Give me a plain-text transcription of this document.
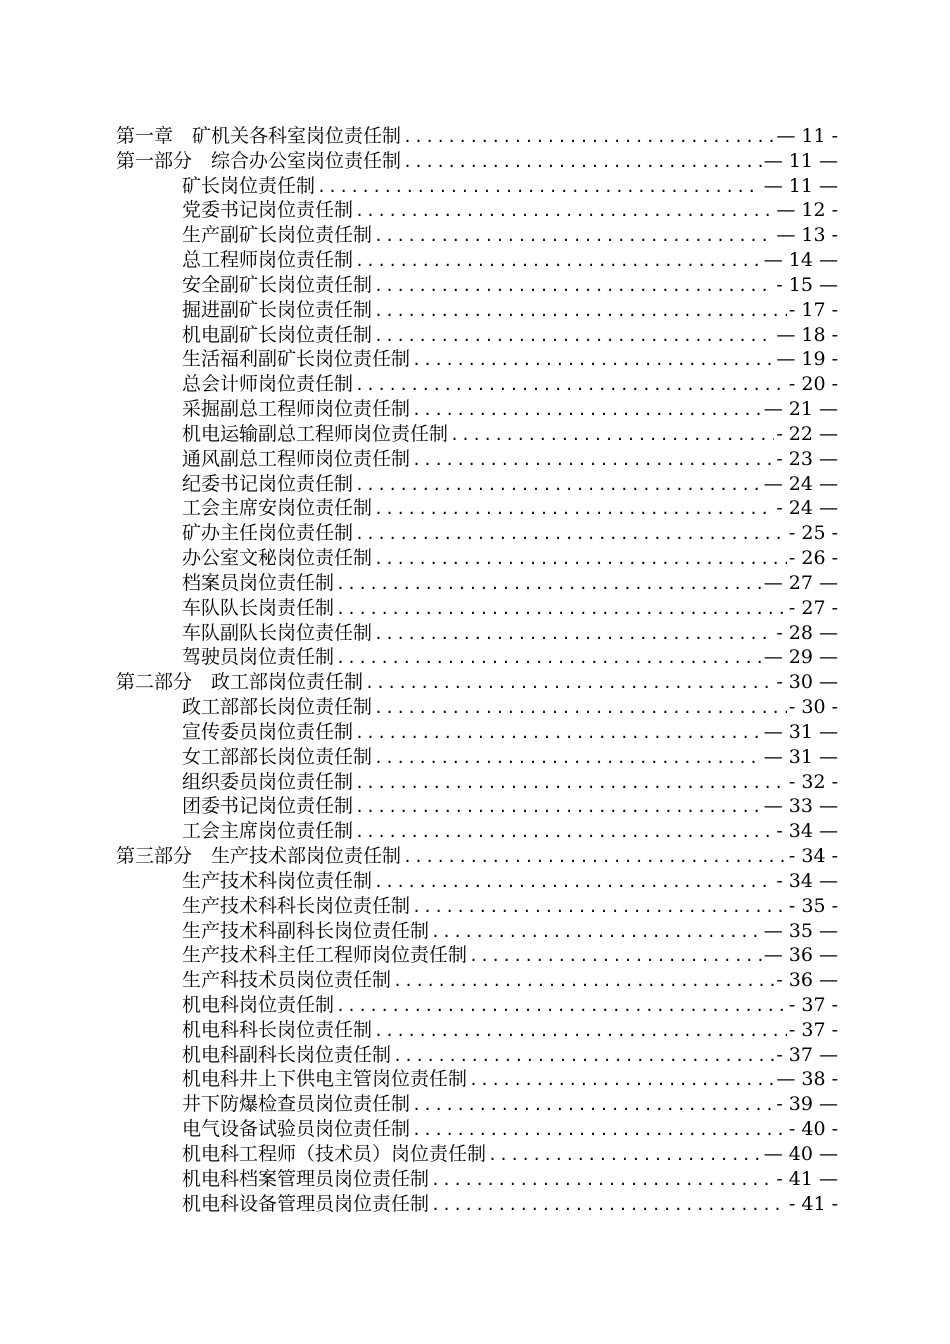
第一章　矿机关各科室岗位责任制 .....	— 11 -
第一部分　综合办公室岗位责任制 .....	— 11 —
矿长岗位责任制 .....	— 11 —
党委书记岗位责任制 .....	— 12 -
生产副矿长岗位责任制 .....	— 13 -
总工程师岗位责任制 .....	— 14 —
安全副矿长岗位责任制 .....	- 15 —
掘进副矿长岗位责任制 .....	- 17 -
机电副矿长岗位责任制 .....	— 18 -
生活福利副矿长岗位责任制 .....	— 19 -
总会计师岗位责任制 .....	- 20 -
采掘副总工程师岗位责任制 .....	— 21 —
机电运输副总工程师岗位责任制 .....	- 22 —
通风副总工程师岗位责任制 .....	- 23 —
纪委书记岗位责任制 .....	— 24 —
工会主席安岗位责任制 .....	- 24 —
矿办主任岗位责任制 .....	- 25 -
办公室文秘岗位责任制 .....	- 26 -
档案员岗位责任制 .....	— 27 —
车队队长岗责任制 .....	- 27 -
车队副队长岗位责任制 .....	- 28 —
驾驶员岗位责任制 .....	— 29 —
第二部分　政工部岗位责任制 .....	- 30 —
政工部部长岗位责任制 .....	- 30 -
宣传委员岗位责任制 .....	— 31 —
女工部部长岗位责任制 .....	— 31 —
组织委员岗位责任制 .....	- 32 -
团委书记岗位责任制 .....	— 33 —
工会主席岗位责任制 .....	- 34 —
第三部分　生产技术部岗位责任制 .....	- 34 -
生产技术科岗位责任制 .....	- 34 —
生产技术科科长岗位责任制 .....	- 35 -
生产技术科副科长岗位责任制 .....	— 35 —
生产技术科主任工程师岗位责任制 .....	— 36 —
生产科技术员岗位责任制 .....	- 36 —
机电科岗位责任制 .....	- 37 -
机电科科长岗位责任制 .....	- 37 -
机电科副科长岗位责任制 .....	- 37 —
机电科井上下供电主管岗位责任制 .....	— 38 -
井下防爆检查员岗位责任制 .....	- 39 —
电气设备试验员岗位责任制 .....	- 40 -
机电科工程师（技术员）岗位责任制 .....	— 40 —
机电科档案管理员岗位责任制 .....	- 41 —
机电科设备管理员岗位责任制 .....	- 41 -
